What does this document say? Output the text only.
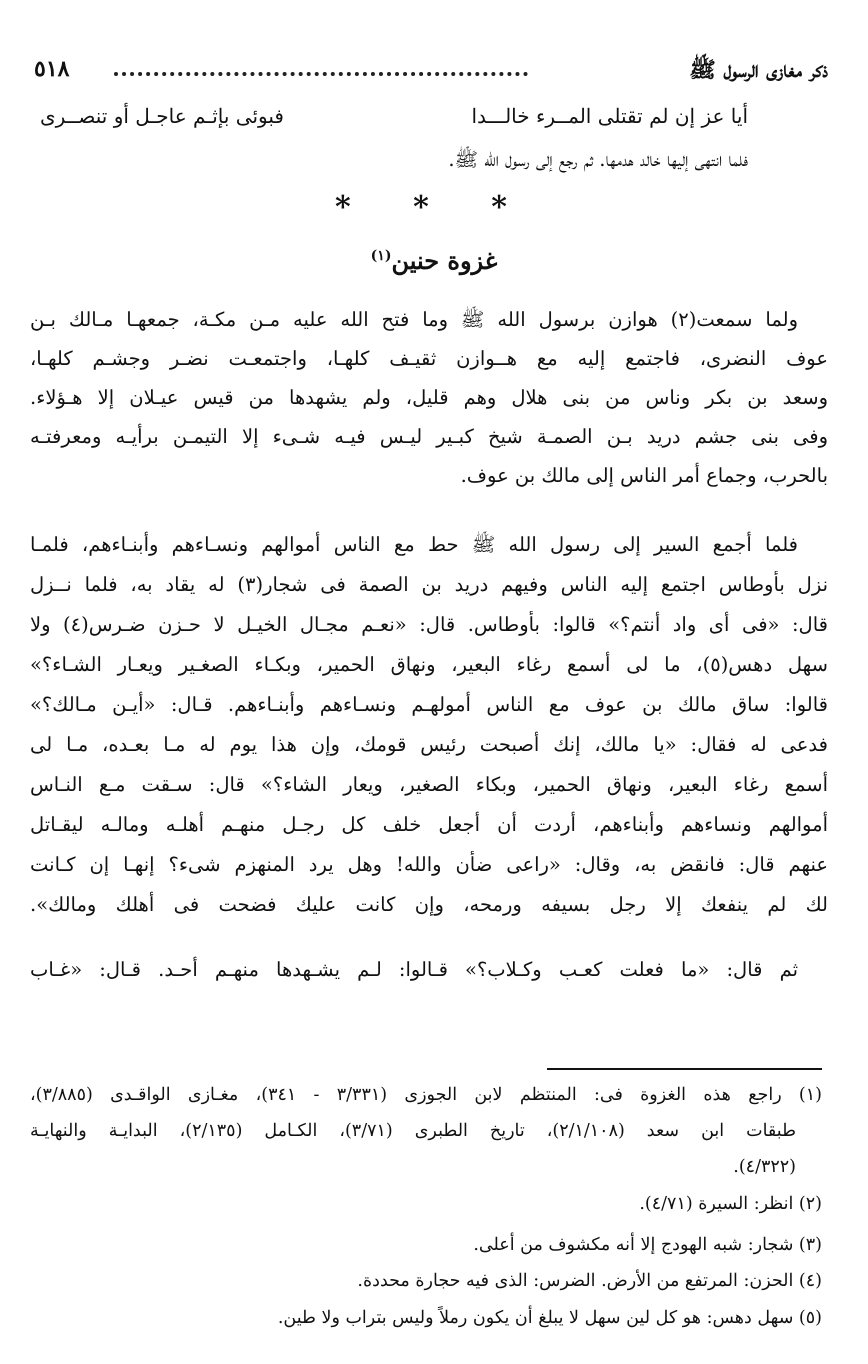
ذكر مغازى الرسول ﷺ
٥١٨
أيا عز إن لم تقتلى المــرء خالـــدا
فبوئى بإثـم عاجـل أو تنصــرى
فلما انتهى إليها خالد هدمها. ثم رجع إلى رسول الله ﷺ.
* * *
غزوة حنين$^{(١)}$
ولما سمعت(٢) هوازن برسول الله ﷺ وما فتح الله عليه مـن مكـة، جمعهـا مـالك بـن
عوف النضرى، فاجتمع إليه مع هــوازن ثقيـف كلهـا، واجتمعـت نضـر وجشـم كلهـا،
وسعد بن بكر وناس من بنى هلال وهم قليل، ولم يشهدها من قيس عيـلان إلا هـؤلاء.
وفى بنى جشم دريد بـن الصمـة شيخ كبـير ليـس فيـه شـىء إلا التيمـن برأيـه ومعرفتـه
بالحرب، وجماع أمر الناس إلى مالك بن عوف.
فلما أجمع السير إلى رسول الله ﷺ حط مع الناس أموالهم ونسـاءهم وأبنـاءهم، فلمـا
نزل بأوطاس اجتمع إليه الناس وفيهم دريد بن الصمة فى شجار(٣) له يقاد به، فلما نــزل
قال: «فى أى واد أنتم؟» قالوا: بأوطاس. قال: «نعـم مجـال الخيـل لا حـزن ضـرس(٤) ولا
سهل دهس(٥)، ما لى أسمع رغاء البعير، ونهاق الحمير، وبكـاء الصغـير ويعـار الشـاء؟»
قالوا: ساق مالك بن عوف مع الناس أمولهـم ونسـاءهم وأبنـاءهم. قـال: «أيـن مـالك؟»
فدعى له فقال: «يا مالك، إنك أصبحت رئيس قومك، وإن هذا يوم له مـا بعـده، مـا لى
أسمع رغاء البعير، ونهاق الحمير، وبكاء الصغير، ويعار الشاء؟» قال: سـقت مـع النـاس
أموالهم ونساءهم وأبناءهم، أردت أن أجعل خلف كل رجـل منهـم أهلـه ومالـه ليقـاتل
عنهم قال: فانقض به، وقال: «راعى ضأن والله! وهل يرد المنهزم شىء؟ إنهـا إن كـانت
لك لم ينفعك إلا رجل بسيفه ورمحه، وإن كانت عليك فضحت فى أهلك ومالك».
ثم قال: «ما فعلت كعـب وكـلاب؟» قـالوا: لـم يشـهدها منهـم أحـد. قـال: «غـاب
(١) راجع هذه الغزوة فى: المنتظم لابن الجوزى (٣/٣٣١ - ٣٤١)، مغـازى الواقـدى (٣/٨٨٥)،
طبقات ابن سعد (٢/١/١٠٨)، تاريخ الطبرى (٣/٧١)، الكـامل (٢/١٣٥)، البدايـة والنهايـة
(٤/٣٢٢).
(٢) انظر: السيرة (٤/٧١).
(٣) شجار: شبه الهودج إلا أنه مكشوف من أعلى.
(٤) الحزن: المرتفع من الأرض. الضرس: الذى فيه حجارة محددة.
(٥) سهل دهس: هو كل لين سهل لا يبلغ أن يكون رملاً وليس بتراب ولا طين.
